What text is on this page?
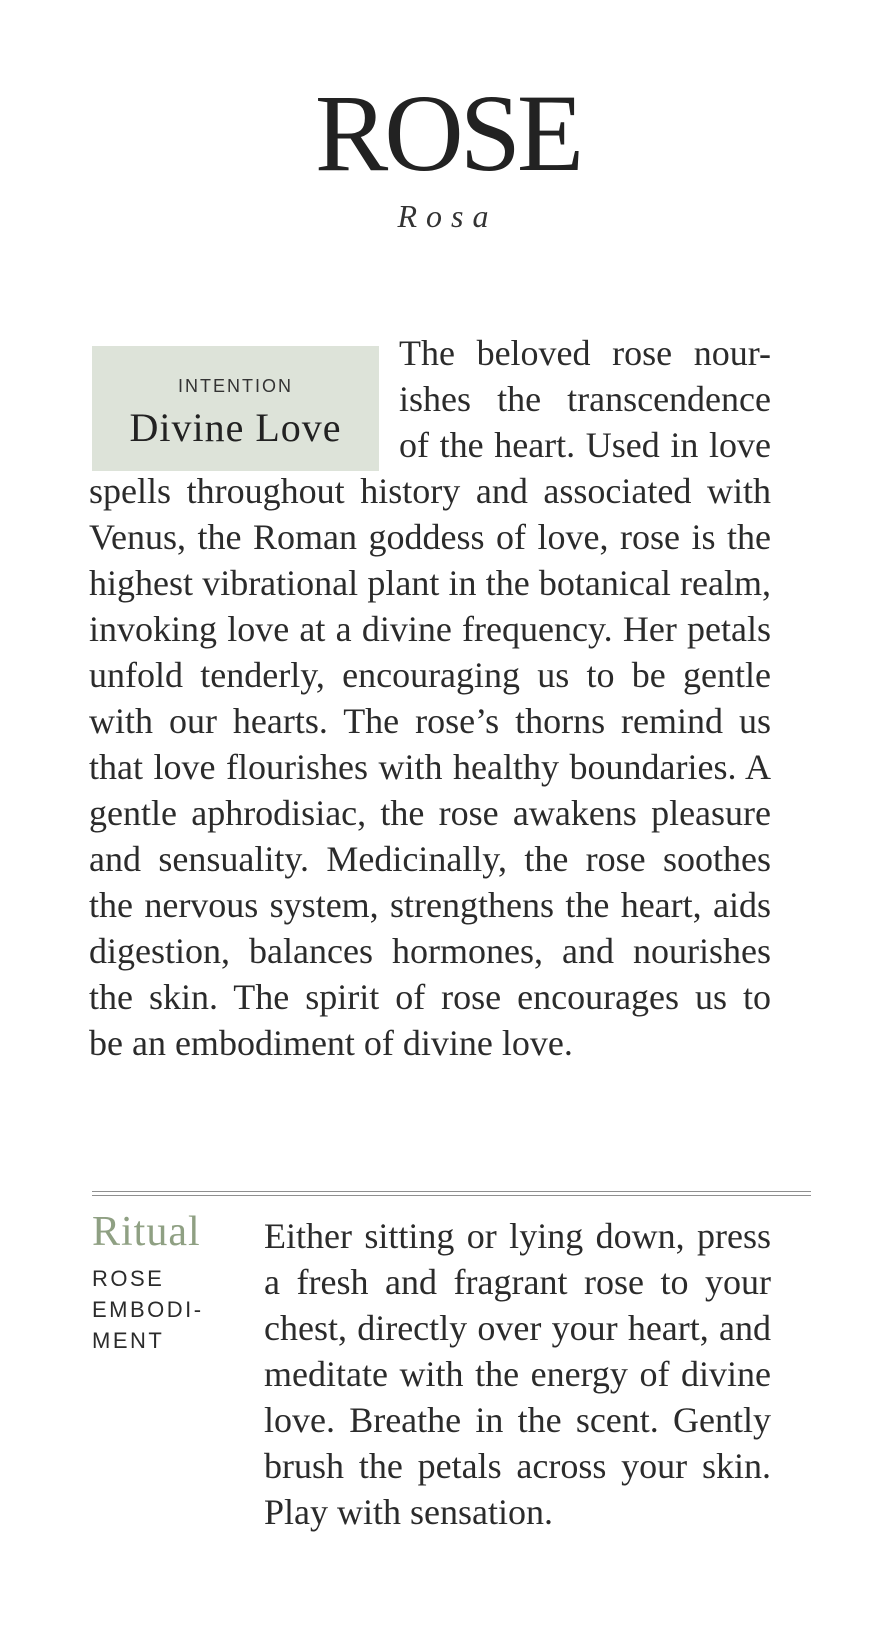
ROSE
Rosa
INTENTION
Divine Love
The beloved rose nour-
ishes the transcendence
of the heart. Used in love
spells throughout history and associated with
Venus, the Roman goddess of love, rose is the
highest vibrational plant in the botanical realm,
invoking love at a divine frequency. Her petals
unfold tenderly, encouraging us to be gentle
with our hearts. The rose’s thorns remind us
that love flourishes with healthy boundaries. A
gentle aphrodisiac, the rose awakens pleasure
and sensuality. Medicinally, the rose soothes
the nervous system, strengthens the heart, aids
digestion, balances hormones, and nourishes
the skin. The spirit of rose encourages us to
be an embodiment of divine love.
Ritual
ROSE
EMBODI-
MENT
Either sitting or lying down, press
a fresh and fragrant rose to your
chest, directly over your heart, and
meditate with the energy of divine
love. Breathe in the scent. Gently
brush the petals across your skin.
Play with sensation.
